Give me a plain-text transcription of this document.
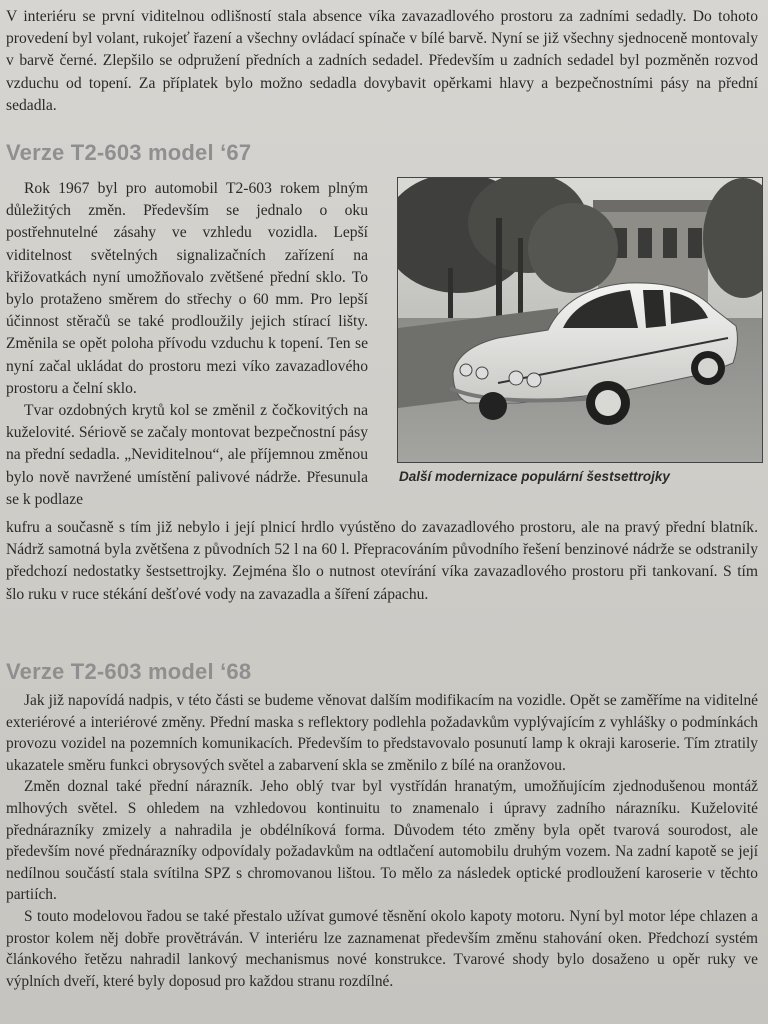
V interiéru se první viditelnou odlišností stala absence víka zavazadlového prostoru za zadními sedadly. Do tohoto provedení byl volant, rukojeť řazení a všechny ovládací spínače v bílé barvě. Nyní se již všechny sjednoceně montovaly v barvě černé. Zlepšilo se odpružení předních a zadních sedadel. Především u zadních sedadel byl pozměněn rozvod vzduchu od topení. Za příplatek bylo možno sedadla dovybavit opěrkami hlavy a bezpečnostními pásy na přední sedadla.

Verze T2-603 model ‘67

Rok 1967 byl pro automobil T2-603 rokem plným důležitých změn. Především se jednalo o oku postřehnutelné zásahy ve vzhledu vozidla. Lepší viditelnost světelných signalizačních zařízení na křižovatkách nyní umožňovalo zvětšené přední sklo. To bylo protaženo směrem do střechy o 60 mm. Pro lepší účinnost stěračů se také prodloužily jejich stírací lišty. Změnila se opět poloha přívodu vzduchu k topení. Ten se nyní začal ukládat do prostoru mezi víko zavazadlového prostoru a čelní sklo.

Tvar ozdobných krytů kol se změnil z čočkovitých na kuželovité. Sériově se začaly montovat bezpečnostní pásy na přední sedadla. „Neviditelnou“, ale příjemnou změnou bylo nově navržené umístění palivové nádrže. Přesunula se k podlaze

Další modernizace populární šestsettrojky

kufru a současně s tím již nebylo i její plnicí hrdlo vyústěno do zavazadlového prostoru, ale na pravý přední blatník. Nádrž samotná byla zvětšena z původních 52 l na 60 l. Přepracováním původního řešení benzinové nádrže se odstranily předchozí nedostatky šestsettrojky. Zejména šlo o nutnost otevírání víka zavazadlového prostoru při tankovaní. S tím šlo ruku v ruce stékání dešťové vody na zavazadla a šíření zápachu.

Verze T2-603 model ‘68

Jak již napovídá nadpis, v této části se budeme věnovat dalším modifikacím na vozidle. Opět se zaměříme na viditelné exteriérové a interiérové změny. Přední maska s reflektory podlehla požadavkům vyplývajícím z vyhlášky o podmínkách provozu vozidel na pozemních komunikacích. Především to představovalo posunutí lamp k okraji karoserie. Tím ztratily ukazatele směru funkci obrysových světel a zabarvení skla se změnilo z bílé na oranžovou.

Změn doznal také přední nárazník. Jeho oblý tvar byl vystřídán hranatým, umožňujícím zjednodušenou montáž mlhových světel. S ohledem na vzhledovou kontinuitu to znamenalo i úpravy zadního nárazníku. Kuželovité přednárazníky zmizely a nahradila je obdélníková forma. Důvodem této změny byla opět tvarová sourodost, ale především nové přednárazníky odpovídaly požadavkům na odtlačení automobilu druhým vozem. Na zadní kapotě se její nedílnou součástí stala svítilna SPZ s chromovanou lištou. To mělo za následek optické prodloužení karoserie v těchto partiích.

S touto modelovou řadou se také přestalo užívat gumové těsnění okolo kapoty motoru. Nyní byl motor lépe chlazen a prostor kolem něj dobře provětráván. V interiéru lze zaznamenat především změnu stahování oken. Předchozí systém článkového řetězu nahradil lankový mechanismus nové konstrukce. Tvarové shody bylo dosaženo u opěr ruky ve výplních dveří, které byly doposud pro každou stranu rozdílné.
